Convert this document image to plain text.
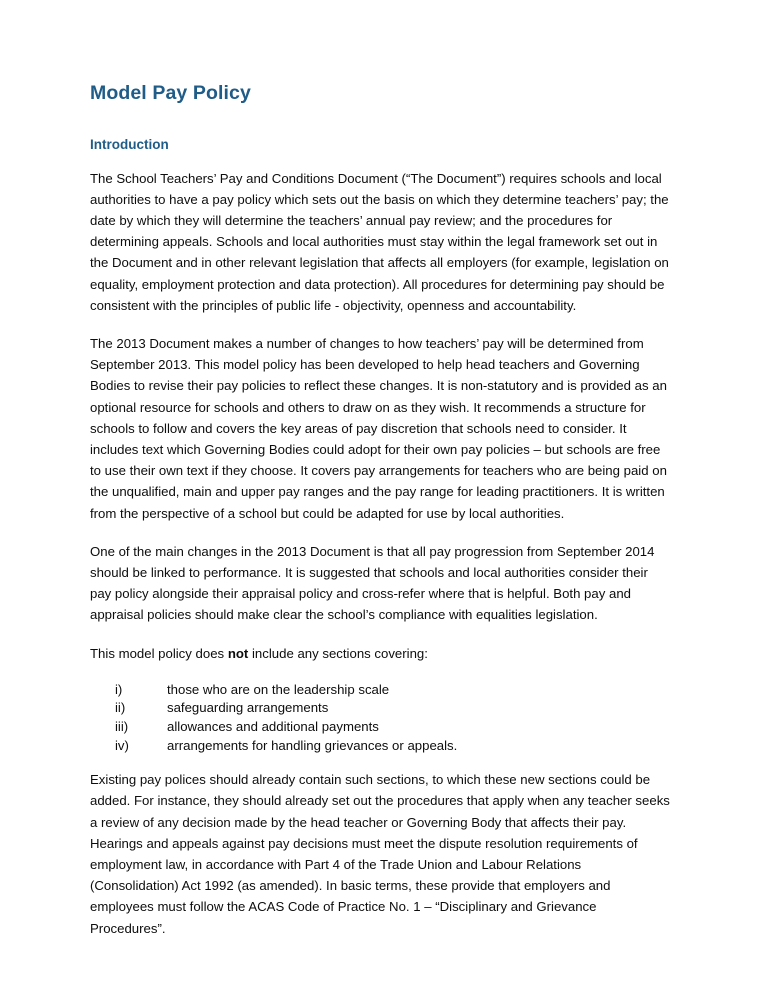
Model Pay Policy
Introduction

The School Teachers’ Pay and Conditions Document (“The Document”) requires schools and local authorities to have a pay policy which sets out the basis on which they determine teachers’ pay; the date by which they will determine the teachers’ annual pay review; and the procedures for determining appeals. Schools and local authorities must stay within the legal framework set out in the Document and in other relevant legislation that affects all employers (for example, legislation on equality, employment protection and data protection). All procedures for determining pay should be consistent with the principles of public life - objectivity, openness and accountability.

The 2013 Document makes a number of changes to how teachers’ pay will be determined from September 2013. This model policy has been developed to help head teachers and Governing Bodies to revise their pay policies to reflect these changes. It is non-statutory and is provided as an optional resource for schools and others to draw on as they wish. It recommends a structure for schools to follow and covers the key areas of pay discretion that schools need to consider. It includes text which Governing Bodies could adopt for their own pay policies – but schools are free to use their own text if they choose. It covers pay arrangements for teachers who are being paid on the unqualified, main and upper pay ranges and the pay range for leading practitioners. It is written from the perspective of a school but could be adapted for use by local authorities.

One of the main changes in the 2013 Document is that all pay progression from September 2014 should be linked to performance. It is suggested that schools and local authorities consider their pay policy alongside their appraisal policy and cross-refer where that is helpful. Both pay and appraisal policies should make clear the school’s compliance with equalities legislation.

This model policy does not include any sections covering:

i)	those who are on the leadership scale
ii)	safeguarding arrangements
iii)	allowances and additional payments
iv)	arrangements for handling grievances or appeals.

Existing pay polices should already contain such sections, to which these new sections could be added. For instance, they should already set out the procedures that apply when any teacher seeks a review of any decision made by the head teacher or Governing Body that affects their pay. Hearings and appeals against pay decisions must meet the dispute resolution requirements of employment law, in accordance with Part 4 of the Trade Union and Labour Relations (Consolidation) Act 1992 (as amended). In basic terms, these provide that employers and employees must follow the ACAS Code of Practice No. 1 – “Disciplinary and Grievance Procedures”.
